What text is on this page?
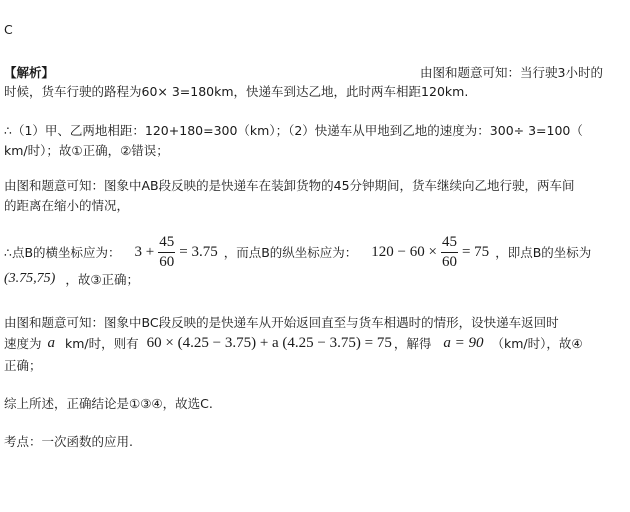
C
【解析】	由图和题意可知：当行驶3小时的
时候，货车行驶的路程为60× 3=180km，快递车到达乙地，此时两车相距120km.
∴（1）甲、乙两地相距：120+180=300（km）；（2）快递车从甲地到乙地的速度为：300÷ 3=100（
km/时）；故①正确，②错误；
由图和题意可知：图象中AB段反映的是快递车在装卸货物的45分钟期间，货车继续向乙地行驶，两车间
的距离在缩小的情况，
∴点B的横坐标应为： $3 + \frac{45}{60} = 3.75$ ，而点B的纵坐标应为： $120 - 60 \times \frac{45}{60} = 75$ ，即点B的坐标为
(3.75,75) ，故③正确；
由图和题意可知：图象中BC段反映的是快递车从开始返回直至与货车相遇时的情形，设快递车返回时
速度为 a km/时，则有 60 × (4.25 − 3.75) + a (4.25 − 3.75) = 75 ，解得 a = 90 （km/时），故④
正确；
综上所述，正确结论是①③④，故选C.
考点：一次函数的应用.
